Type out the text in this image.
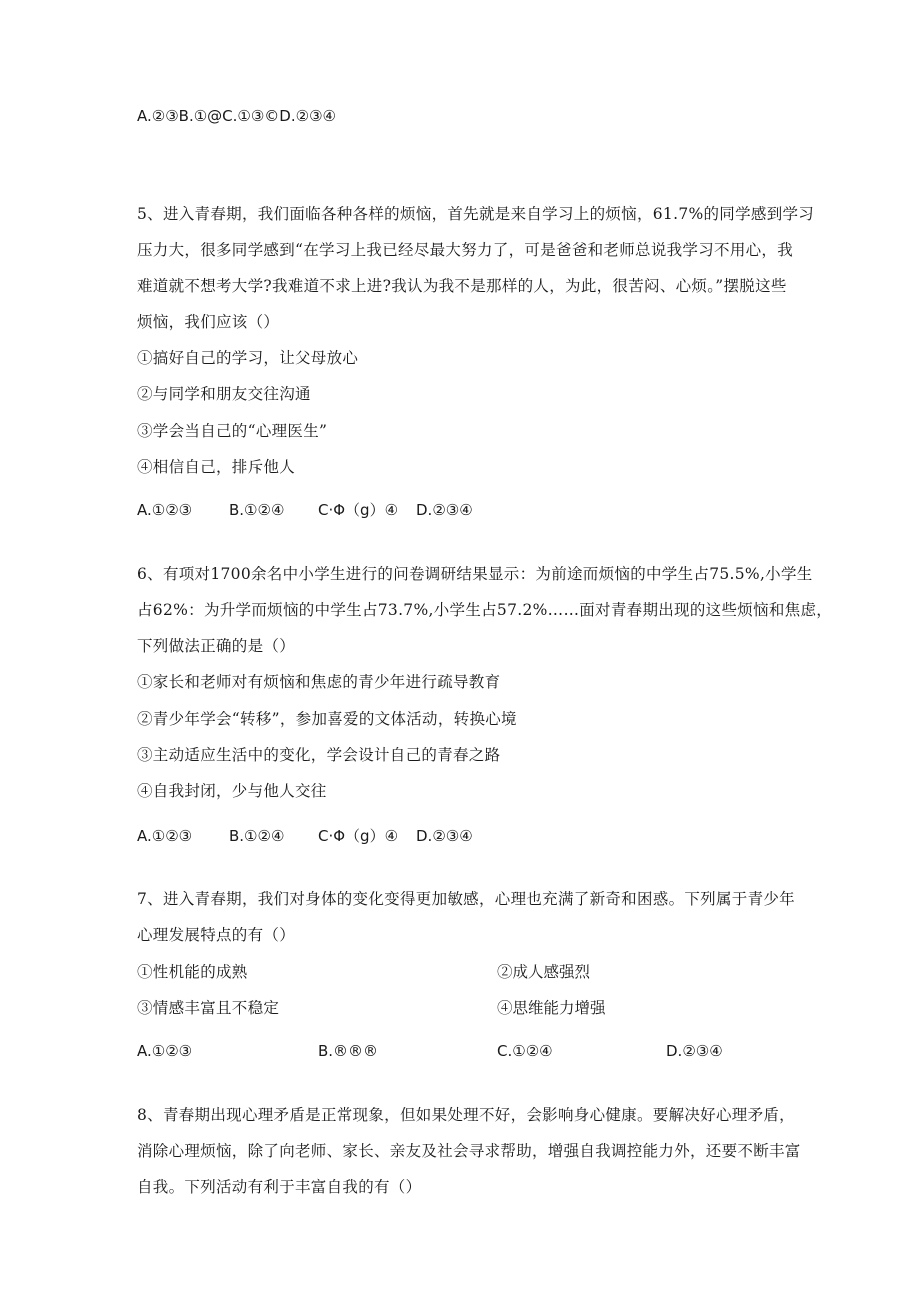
A.②③B.①@C.①③©D.②③④
5、进入青春期，我们面临各种各样的烦恼，首先就是来自学习上的烦恼，61.7%的同学感到学习
压力大，很多同学感到“在学习上我已经尽最大努力了，可是爸爸和老师总说我学习不用心，我
难道就不想考大学?我难道不求上进?我认为我不是那样的人，为此，很苦闷、心烦。”摆脱这些
烦恼，我们应该（）
①搞好自己的学习，让父母放心
②与同学和朋友交往沟通
③学会当自己的“心理医生”
④相信自己，排斥他人
A.①②③ B.①②④ C·Φ（g）④ D.②③④
6、有项对1700余名中小学生进行的问卷调研结果显示：为前途而烦恼的中学生占75.5%,小学生
占62%：为升学而烦恼的中学生占73.7%,小学生占57.2%……面对青春期出现的这些烦恼和焦虑，
下列做法正确的是（）
①家长和老师对有烦恼和焦虑的青少年进行疏导教育
②青少年学会“转移”，参加喜爱的文体活动，转换心境
③主动适应生活中的变化，学会设计自己的青春之路
④自我封闭，少与他人交往
A.①②③ B.①②④ C·Φ（g）④ D.②③④
7、进入青春期，我们对身体的变化变得更加敏感，心理也充满了新奇和困惑。下列属于青少年
心理发展特点的有（）
①性机能的成熟	②成人感强烈
③情感丰富且不稳定	④思维能力增强
A.①②③	B.®®®	C.①②④	D.②③④
8、青春期出现心理矛盾是正常现象，但如果处理不好，会影响身心健康。要解决好心理矛盾，
消除心理烦恼，除了向老师、家长、亲友及社会寻求帮助，增强自我调控能力外，还要不断丰富
自我。下列活动有利于丰富自我的有（）
